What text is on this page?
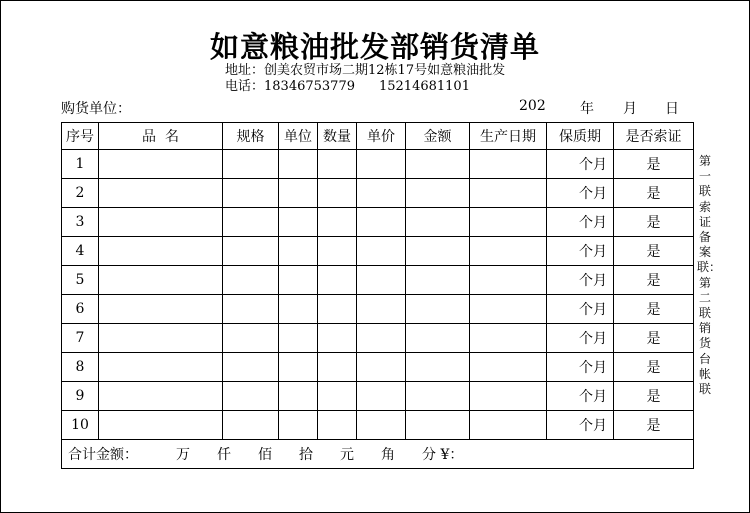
如意粮油批发部销货清单
地址：创美农贸市场二期12栋17号如意粮油批发
电话：18346753779 15214681101
购货单位：	202 年 月 日
序号	品  名	规格	单位	数量	单价	金额	生产日期	保质期	是否索证
1								个月	是
2								个月	是
3								个月	是
4								个月	是
5								个月	是
6								个月	是
7								个月	是
8								个月	是
9								个月	是
10								个月	是
合计金额： 万 仟 佰 拾 元 角 分 ¥：									
第一联索证备案联：第二联销货台帐联
